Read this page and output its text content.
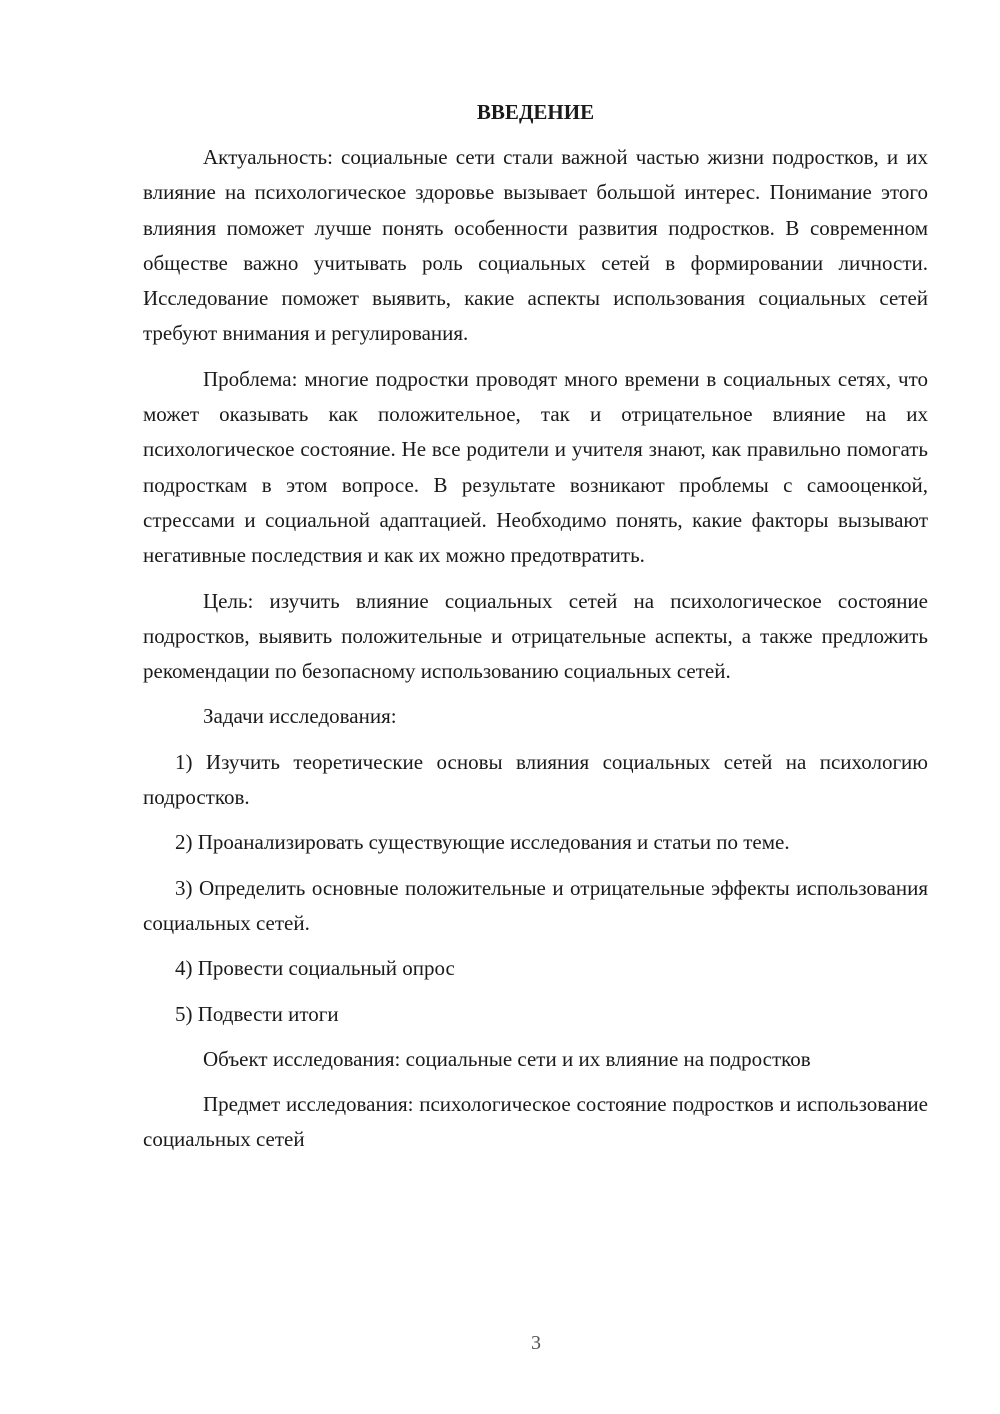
ВВЕДЕНИЕ

Актуальность: социальные сети стали важной частью жизни подростков, и их влияние на психологическое здоровье вызывает большой интерес. Понимание этого влияния поможет лучше понять особенности развития подростков. В современном обществе важно учитывать роль социальных сетей в формировании личности. Исследование поможет выявить, какие аспекты использования социальных сетей требуют внимания и регулирования.

Проблема: многие подростки проводят много времени в социальных сетях, что может оказывать как положительное, так и отрицательное влияние на их психологическое состояние. Не все родители и учителя знают, как правильно помогать подросткам в этом вопросе. В результате возникают проблемы с самооценкой, стрессами и социальной адаптацией. Необходимо понять, какие факторы вызывают негативные последствия и как их можно предотвратить.

Цель: изучить влияние социальных сетей на психологическое состояние подростков, выявить положительные и отрицательные аспекты, а также предложить рекомендации по безопасному использованию социальных сетей.

Задачи исследования:

1) Изучить теоретические основы влияния социальных сетей на психологию подростков.

2) Проанализировать существующие исследования и статьи по теме.

3) Определить основные положительные и отрицательные эффекты использования социальных сетей.

4) Провести социальный опрос

5) Подвести итоги

Объект исследования: социальные сети и их влияние на подростков

Предмет исследования: психологическое состояние подростков и использование социальных сетей

3
